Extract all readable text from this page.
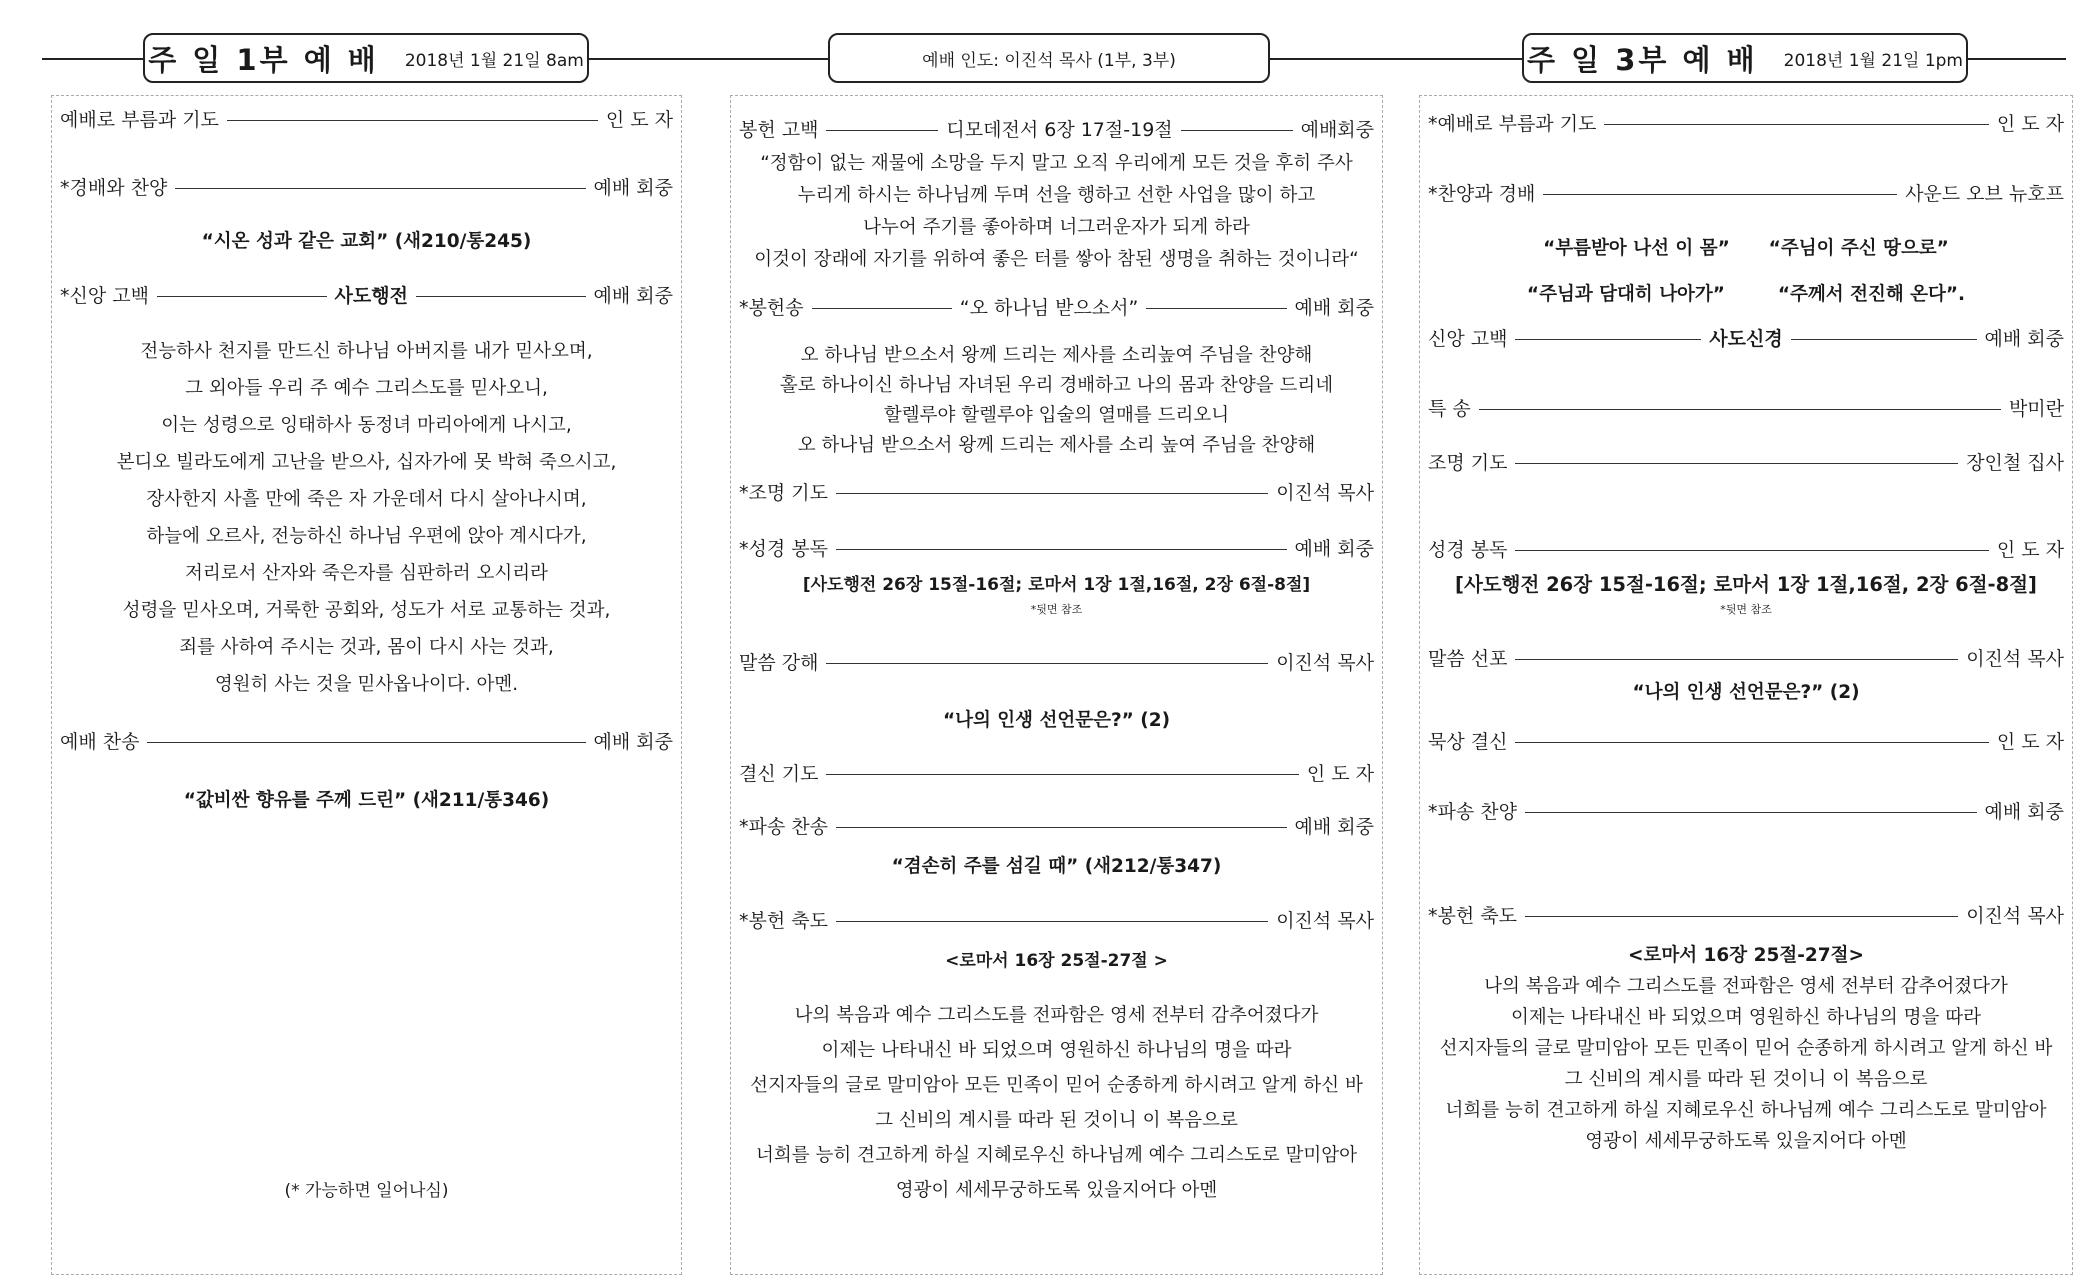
주 일 1부 예 배 2018년 1월 21일 8am	예배 인도: 이진석 목사 (1부, 3부)	주 일 3부 예 배 2018년 1월 21일 1pm
예배로 부름과 기도	인 도 자
*경배와 찬양	예배 회중
“시온 성과 같은 교회” (새210/통245)
*신앙 고백	사도행전	예배 회중
전능하사 천지를 만드신 하나님 아버지를 내가 믿사오며,
그 외아들 우리 주 예수 그리스도를 믿사오니,
이는 성령으로 잉태하사 동정녀 마리아에게 나시고,
본디오 빌라도에게 고난을 받으사, 십자가에 못 박혀 죽으시고,
장사한지 사흘 만에 죽은 자 가운데서 다시 살아나시며,
하늘에 오르사, 전능하신 하나님 우편에 앉아 계시다가,
저리로서 산자와 죽은자를 심판하러 오시리라
성령을 믿사오며, 거룩한 공회와, 성도가 서로 교통하는 것과,
죄를 사하여 주시는 것과, 몸이 다시 사는 것과,
영원히 사는 것을 믿사옵나이다. 아멘.
예배 찬송	예배 회중
“값비싼 향유를 주께 드린” (새211/통346)
(* 가능하면 일어나심)
봉헌 고백	디모데전서 6장 17절-19절	예배회중
“정함이 없는 재물에 소망을 두지 말고 오직 우리에게 모든 것을 후히 주사
누리게 하시는 하나님께 두며 선을 행하고 선한 사업을 많이 하고
나누어 주기를 좋아하며 너그러운자가 되게 하라
이것이 장래에 자기를 위하여 좋은 터를 쌓아 참된 생명을 취하는 것이니라“
*봉헌송	“오 하나님 받으소서”	예배 회중
오 하나님 받으소서 왕께 드리는 제사를 소리높여 주님을 찬양해
홀로 하나이신 하나님 자녀된 우리 경배하고 나의 몸과 찬양을 드리네
할렐루야 할렐루야 입술의 열매를 드리오니
오 하나님 받으소서 왕께 드리는 제사를 소리 높여 주님을 찬양해
*조명 기도	이진석 목사
*성경 봉독	예배 회중
[사도행전 26장 15절-16절; 로마서 1장 1절,16절, 2장 6절-8절]
*뒷면 참조
말씀 강해	이진석 목사
“나의 인생 선언문은?” (2)
결신 기도	인 도 자
*파송 찬송	예배 회중
“겸손히 주를 섬길 때” (새212/통347)
*봉헌 축도	이진석 목사
<로마서 16장 25절-27절 >
나의 복음과 예수 그리스도를 전파함은 영세 전부터 감추어졌다가
이제는 나타내신 바 되었으며 영원하신 하나님의 명을 따라
선지자들의 글로 말미암아 모든 민족이 믿어 순종하게 하시려고 알게 하신 바
그 신비의 계시를 따라 된 것이니 이 복음으로
너희를 능히 견고하게 하실 지혜로우신 하나님께 예수 그리스도로 말미암아
영광이 세세무궁하도록 있을지어다 아멘
*예배로 부름과 기도	인 도 자
*찬양과 경배	사운드 오브 뉴호프
“부름받아 나선 이 몸” “주님이 주신 땅으로”
“주님과 담대히 나아가”	“주께서 전진해 온다”.
신앙 고백	사도신경	예배 회중
특 송	박미란
조명 기도	장인철 집사
성경 봉독	인 도 자
[사도행전 26장 15절-16절; 로마서 1장 1절,16절, 2장 6절-8절]
*뒷면 참조
말씀 선포	이진석 목사
“나의 인생 선언문은?” (2)
묵상 결신	인 도 자
*파송 찬양	예배 회중
*봉헌 축도	이진석 목사
<로마서 16장 25절-27절>
나의 복음과 예수 그리스도를 전파함은 영세 전부터 감추어졌다가
이제는 나타내신 바 되었으며 영원하신 하나님의 명을 따라
선지자들의 글로 말미암아 모든 민족이 믿어 순종하게 하시려고 알게 하신 바
그 신비의 계시를 따라 된 것이니 이 복음으로
너희를 능히 견고하게 하실 지혜로우신 하나님께 예수 그리스도로 말미암아
영광이 세세무궁하도록 있을지어다 아멘
